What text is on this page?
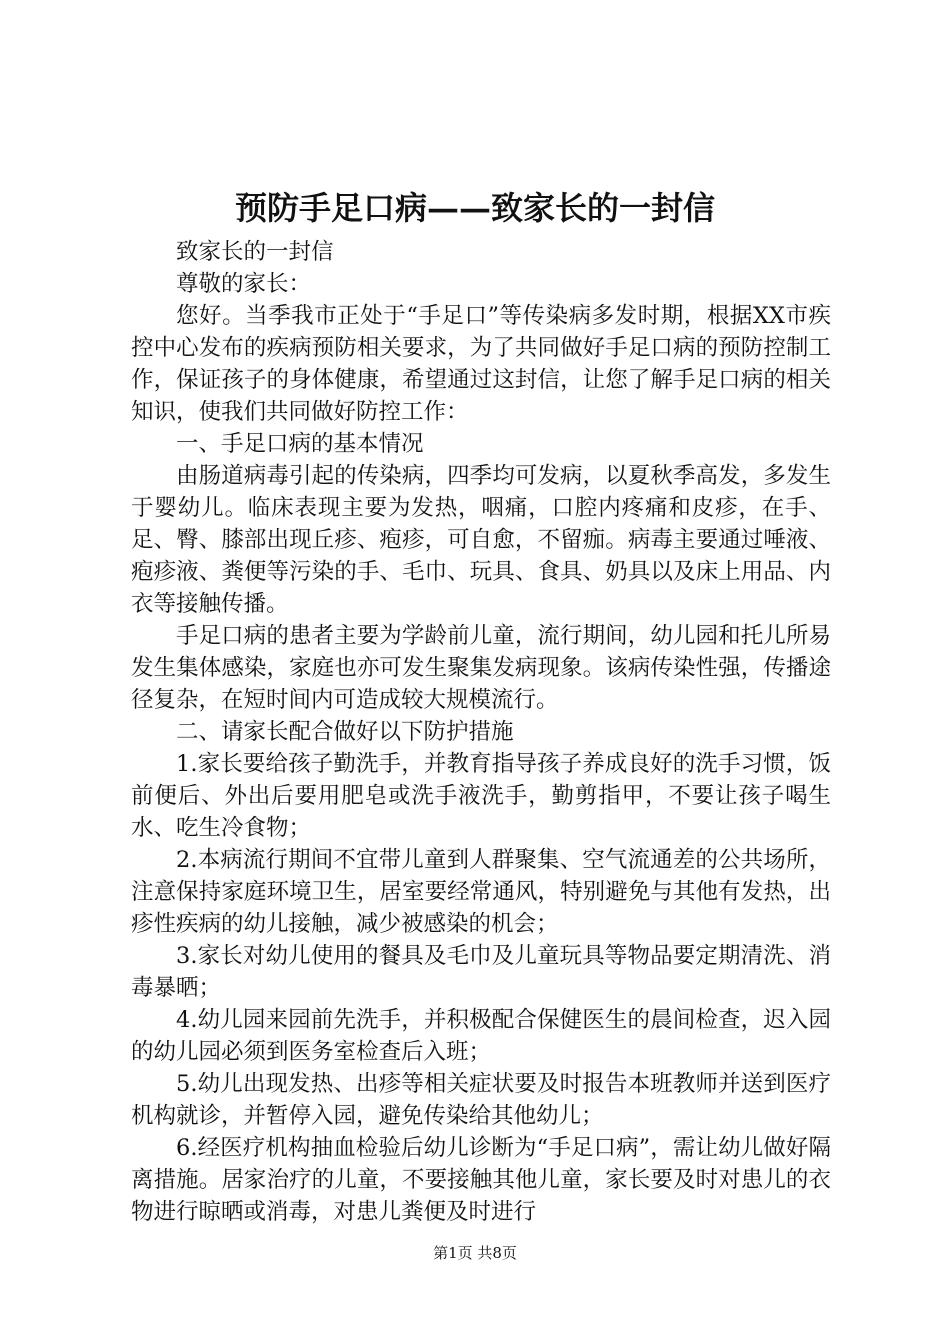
预防手足口病——致家长的一封信

致家长的一封信

尊敬的家长：

您好。当季我市正处于“手足口”等传染病多发时期，根据XX市疾控中心发布的疾病预防相关要求，为了共同做好手足口病的预防控制工作，保证孩子的身体健康，希望通过这封信，让您了解手足口病的相关知识，使我们共同做好防控工作：

一、手足口病的基本情况

由肠道病毒引起的传染病，四季均可发病，以夏秋季高发，多发生于婴幼儿。临床表现主要为发热，咽痛，口腔内疼痛和皮疹，在手、足、臀、膝部出现丘疹、疱疹，可自愈，不留痂。病毒主要通过唾液、疱疹液、粪便等污染的手、毛巾、玩具、食具、奶具以及床上用品、内衣等接触传播。

手足口病的患者主要为学龄前儿童，流行期间，幼儿园和托儿所易发生集体感染，家庭也亦可发生聚集发病现象。该病传染性强，传播途径复杂，在短时间内可造成较大规模流行。

二、请家长配合做好以下防护措施

1.家长要给孩子勤洗手，并教育指导孩子养成良好的洗手习惯，饭前便后、外出后要用肥皂或洗手液洗手，勤剪指甲，不要让孩子喝生水、吃生冷食物；

2.本病流行期间不宜带儿童到人群聚集、空气流通差的公共场所，注意保持家庭环境卫生，居室要经常通风，特别避免与其他有发热，出疹性疾病的幼儿接触，减少被感染的机会；

3.家长对幼儿使用的餐具及毛巾及儿童玩具等物品要定期清洗、消毒暴晒；

4.幼儿园来园前先洗手，并积极配合保健医生的晨间检查，迟入园的幼儿园必须到医务室检查后入班；

5.幼儿出现发热、出疹等相关症状要及时报告本班教师并送到医疗机构就诊，并暂停入园，避免传染给其他幼儿；

6.经医疗机构抽血检验后幼儿诊断为“手足口病”，需让幼儿做好隔离措施。居家治疗的儿童，不要接触其他儿童，家长要及时对患儿的衣物进行晾晒或消毒，对患儿粪便及时进行

第1页 共8页
